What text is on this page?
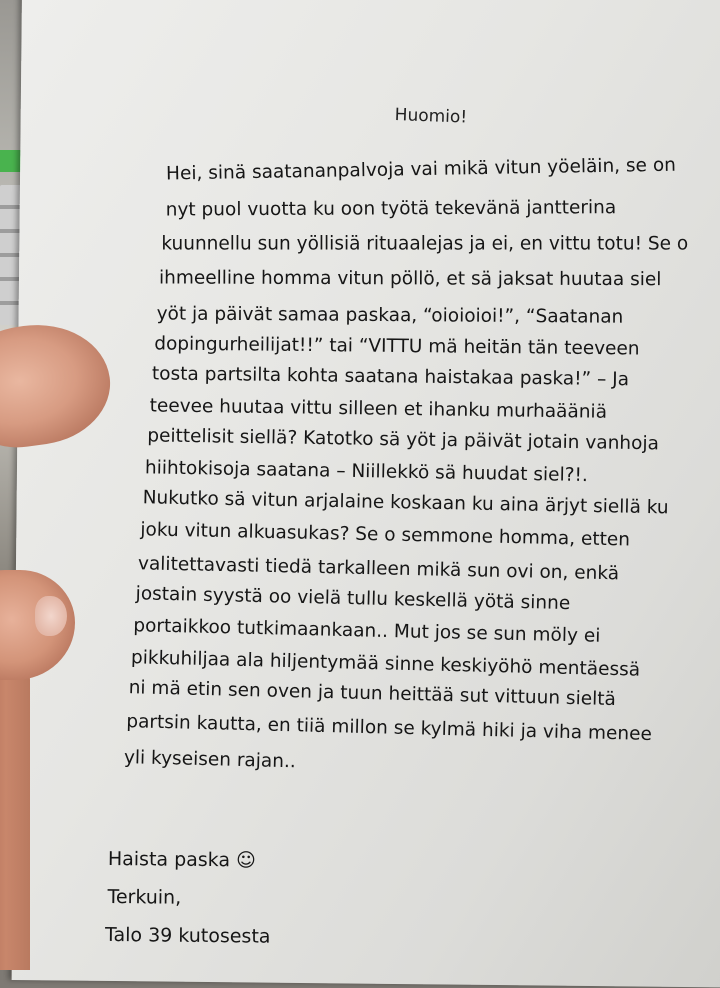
Huomio!
Hei, sinä saatananpalvoja vai mikä vitun yöeläin, se on
nyt puol vuotta ku oon työtä tekevänä jantterina
kuunnellu sun yöllisiä rituaalejas ja ei, en vittu totu! Se o
ihmeelline homma vitun pöllö, et sä jaksat huutaa siel
yöt ja päivät samaa paskaa, “oioioioi!”, “Saatanan
dopingurheilijat!!” tai “VITTU mä heitän tän teeveen
tosta partsilta kohta saatana haistakaa paska!” – Ja
teevee huutaa vittu silleen et ihanku murhaääniä
peittelisit siellä? Katotko sä yöt ja päivät jotain vanhoja
hiihtokisoja saatana – Niillekkö sä huudat siel?!.
Nukutko sä vitun arjalaine koskaan ku aina ärjyt siellä ku
joku vitun alkuasukas? Se o semmone homma, etten
valitettavasti tiedä tarkalleen mikä sun ovi on, enkä
jostain syystä oo vielä tullu keskellä yötä sinne
portaikkoo tutkimaankaan.. Mut jos se sun möly ei
pikkuhiljaa ala hiljentymää sinne keskiyöhö mentäessä
ni mä etin sen oven ja tuun heittää sut vittuun sieltä
partsin kautta, en tiiä millon se kylmä hiki ja viha menee
yli kyseisen rajan..
Haista paska ☺
Terkuin,
Talo 39 kutosesta
